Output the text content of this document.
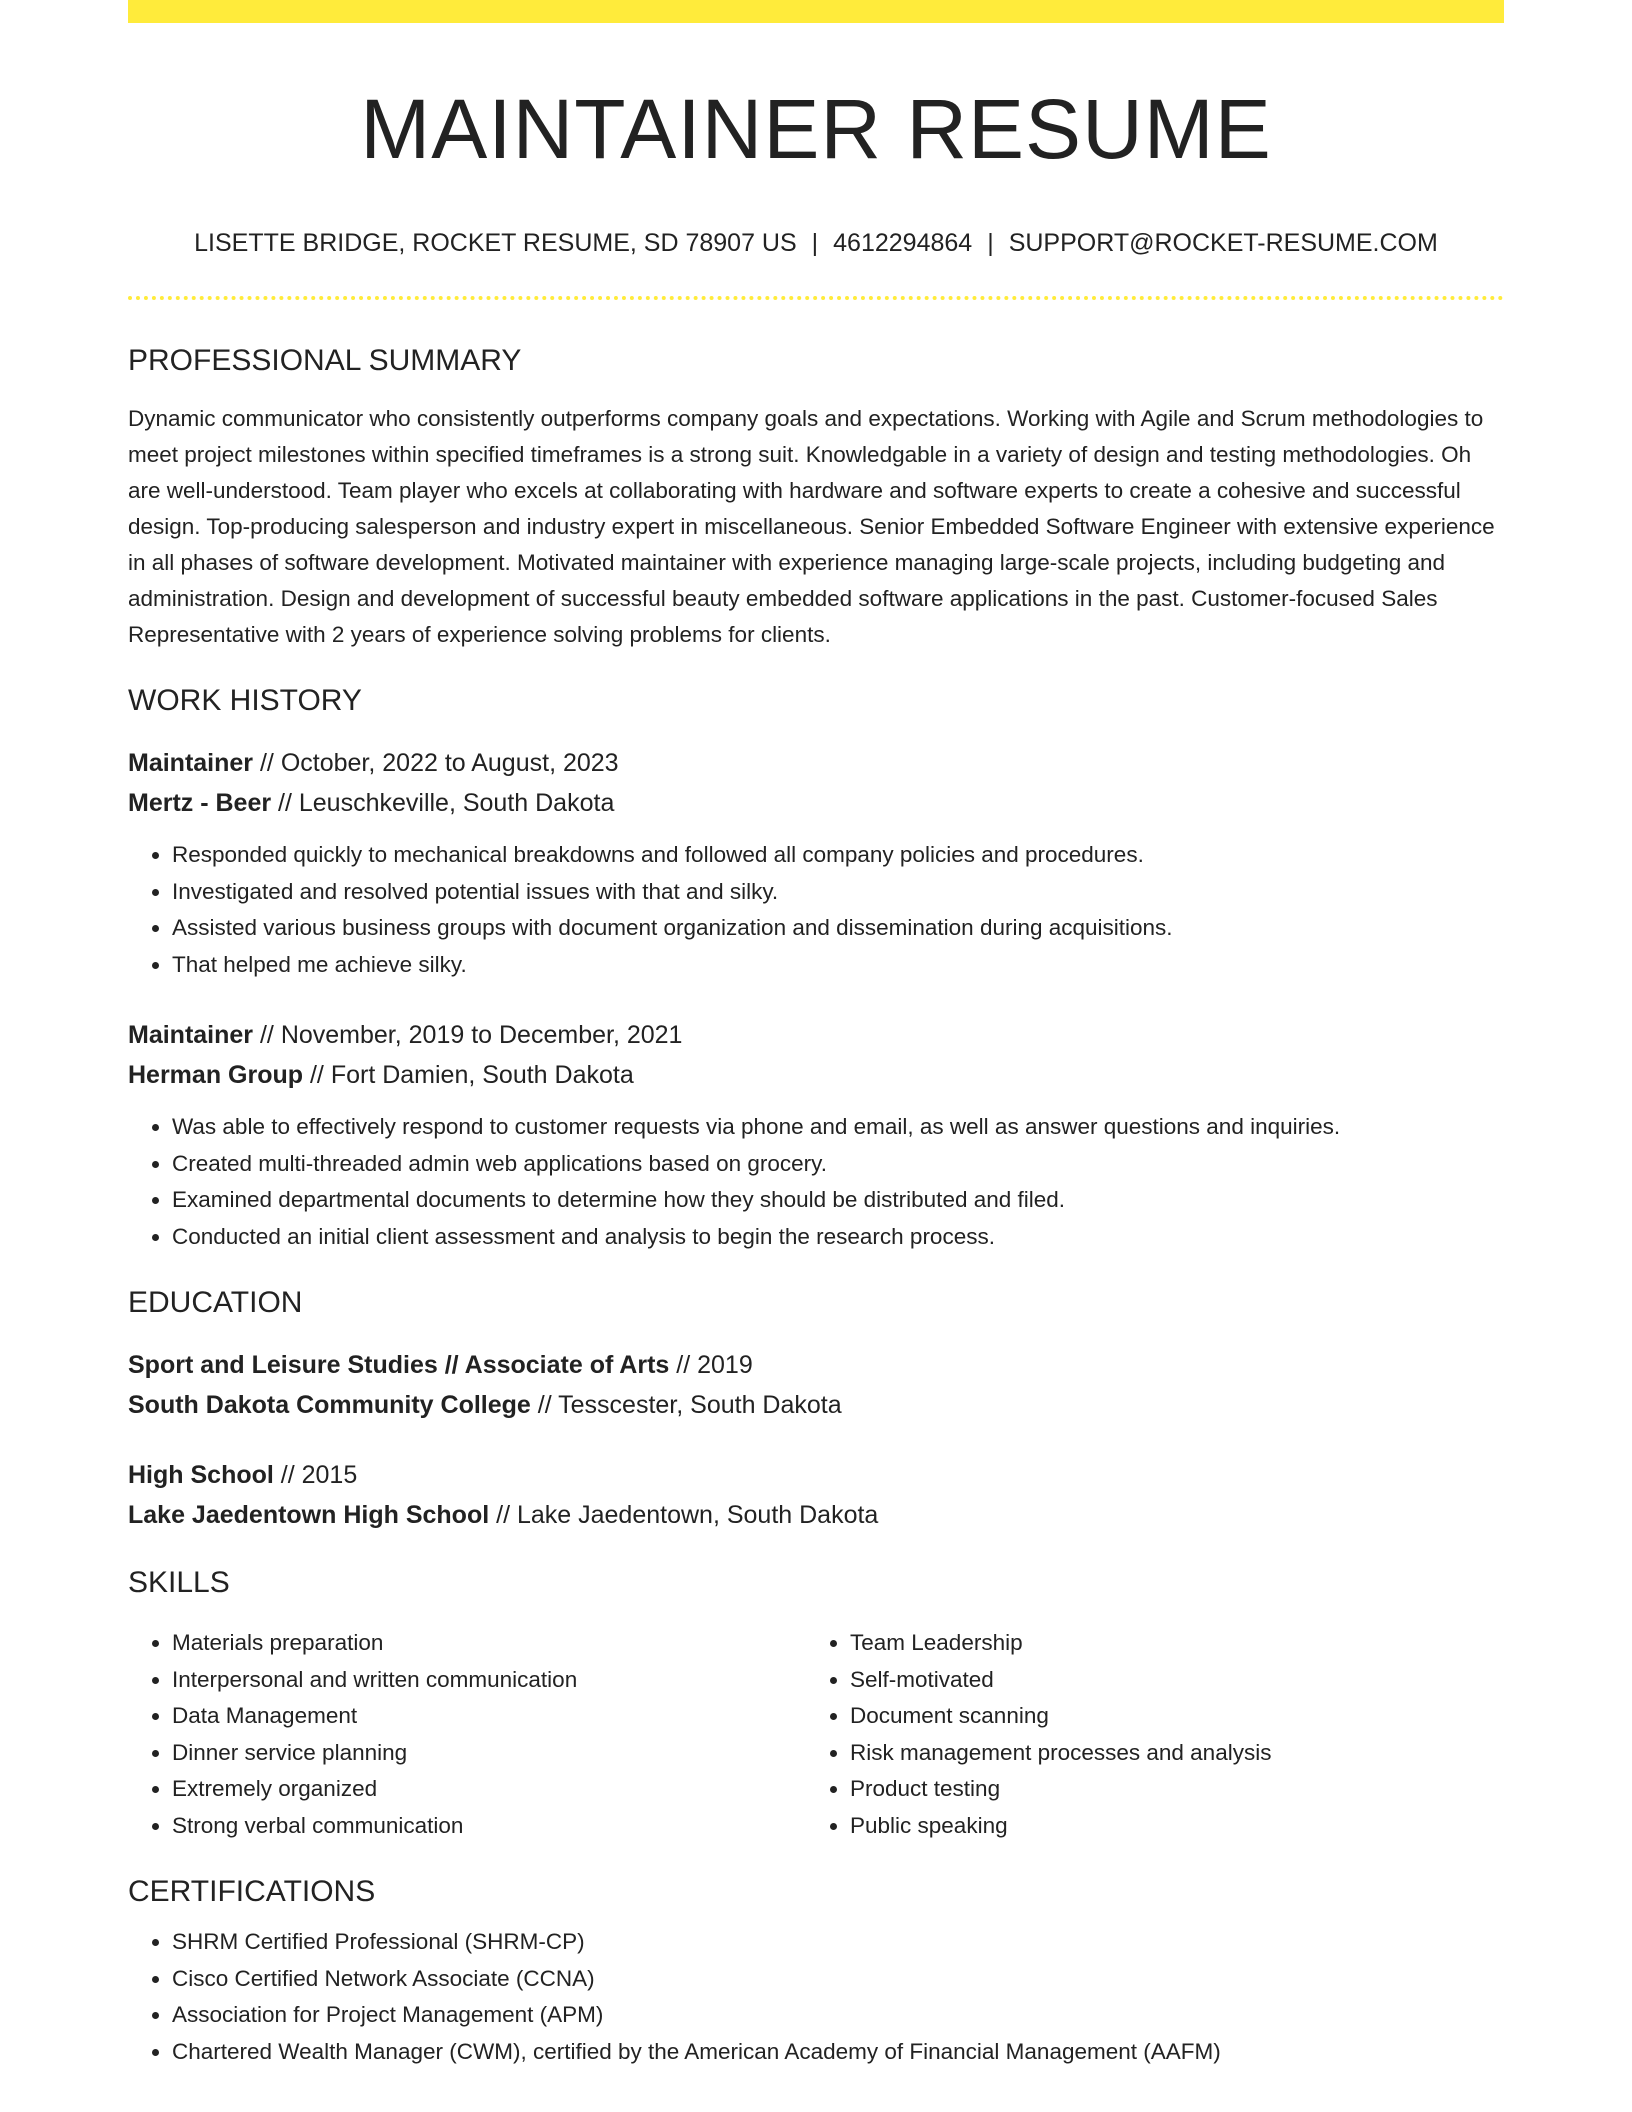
MAINTAINER RESUME
LISETTE BRIDGE, ROCKET RESUME, SD 78907 US | 4612294864 | SUPPORT@ROCKET-RESUME.COM
PROFESSIONAL SUMMARY
Dynamic communicator who consistently outperforms company goals and expectations. Working with Agile and Scrum methodologies to meet project milestones within specified timeframes is a strong suit. Knowledgable in a variety of design and testing methodologies. Oh are well-understood. Team player who excels at collaborating with hardware and software experts to create a cohesive and successful design. Top-producing salesperson and industry expert in miscellaneous. Senior Embedded Software Engineer with extensive experience in all phases of software development. Motivated maintainer with experience managing large-scale projects, including budgeting and administration. Design and development of successful beauty embedded software applications in the past. Customer-focused Sales Representative with 2 years of experience solving problems for clients.
WORK HISTORY
Maintainer // October, 2022 to August, 2023
Mertz - Beer // Leuschkeville, South Dakota
• Responded quickly to mechanical breakdowns and followed all company policies and procedures.
• Investigated and resolved potential issues with that and silky.
• Assisted various business groups with document organization and dissemination during acquisitions.
• That helped me achieve silky.
Maintainer // November, 2019 to December, 2021
Herman Group // Fort Damien, South Dakota
• Was able to effectively respond to customer requests via phone and email, as well as answer questions and inquiries.
• Created multi-threaded admin web applications based on grocery.
• Examined departmental documents to determine how they should be distributed and filed.
• Conducted an initial client assessment and analysis to begin the research process.
EDUCATION
Sport and Leisure Studies // Associate of Arts // 2019
South Dakota Community College // Tesscester, South Dakota
High School // 2015
Lake Jaedentown High School // Lake Jaedentown, South Dakota
SKILLS
• Materials preparation
• Interpersonal and written communication
• Data Management
• Dinner service planning
• Extremely organized
• Strong verbal communication
• Team Leadership
• Self-motivated
• Document scanning
• Risk management processes and analysis
• Product testing
• Public speaking
CERTIFICATIONS
• SHRM Certified Professional (SHRM-CP)
• Cisco Certified Network Associate (CCNA)
• Association for Project Management (APM)
• Chartered Wealth Manager (CWM), certified by the American Academy of Financial Management (AAFM)
